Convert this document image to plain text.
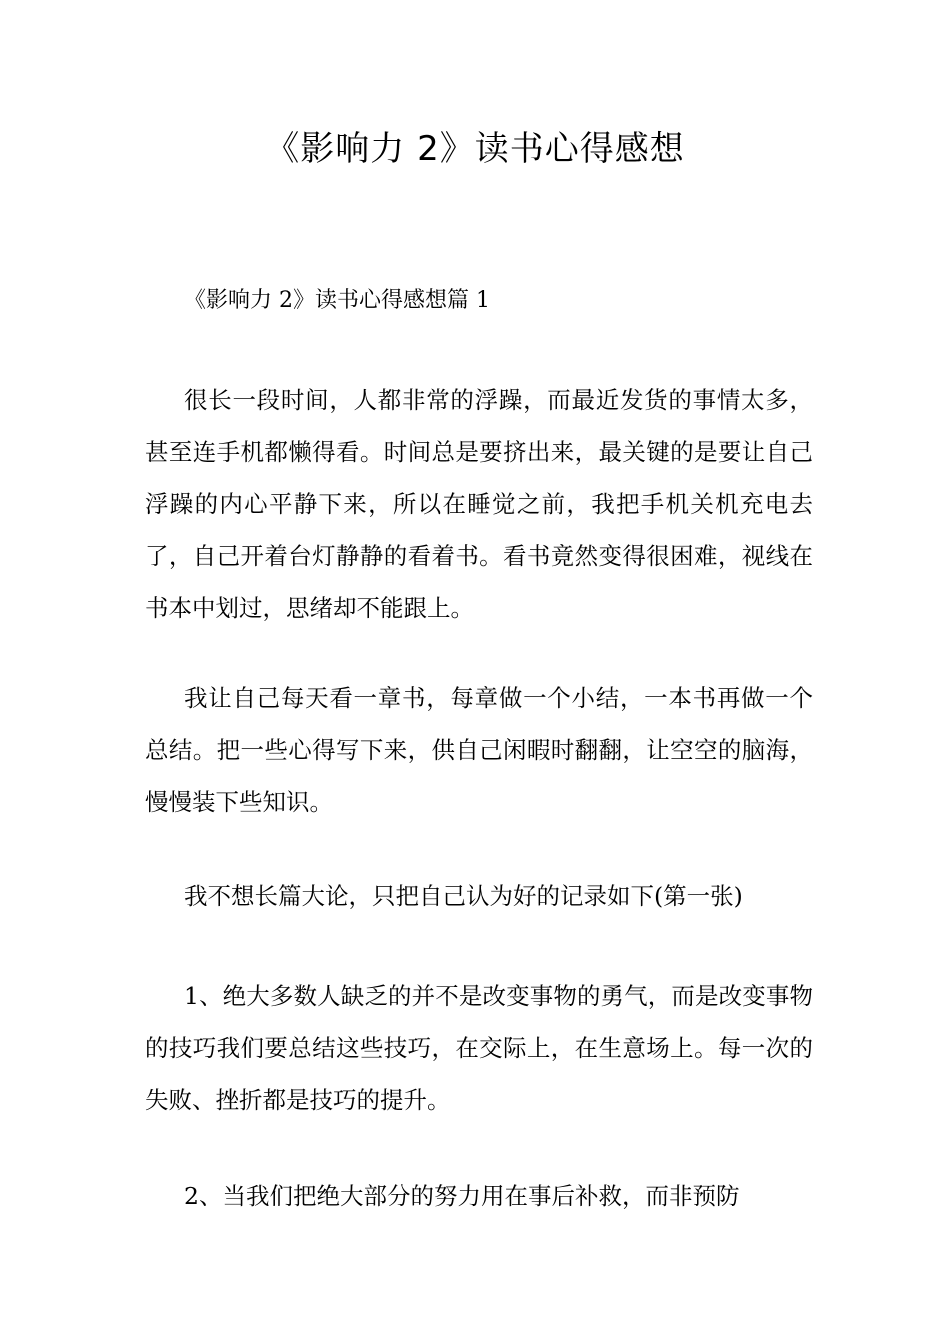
《影响力 2》读书心得感想

《影响力 2》读书心得感想篇 1

很长一段时间，人都非常的浮躁，而最近发货的事情太多，甚至连手机都懒得看。时间总是要挤出来，最关键的是要让自己浮躁的内心平静下来，所以在睡觉之前，我把手机关机充电去了，自己开着台灯静静的看着书。看书竟然变得很困难，视线在书本中划过，思绪却不能跟上。

我让自己每天看一章书，每章做一个小结，一本书再做一个总结。把一些心得写下来，供自己闲暇时翻翻，让空空的脑海，慢慢装下些知识。

我不想长篇大论，只把自己认为好的记录如下(第一张)

1、绝大多数人缺乏的并不是改变事物的勇气，而是改变事物的技巧我们要总结这些技巧，在交际上，在生意场上。每一次的失败、挫折都是技巧的提升。

2、当我们把绝大部分的努力用在事后补救，而非预防
